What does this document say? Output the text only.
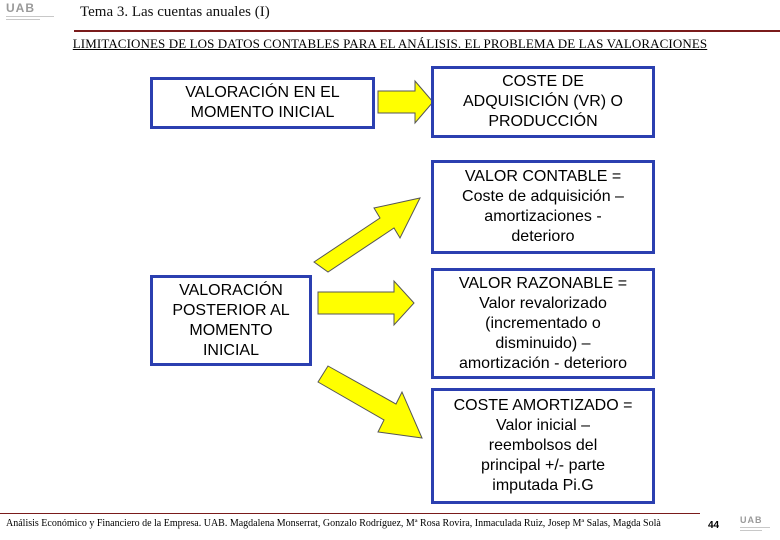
UAB	Tema 3. Las cuentas anuales (I)
LIMITACIONES DE LOS DATOS CONTABLES PARA EL ANÁLISIS. EL PROBLEMA DE LAS VALORACIONES
VALORACIÓN EN EL
MOMENTO INICIAL
COSTE DE
ADQUISICIÓN (VR) O
PRODUCCIÓN
VALOR CONTABLE =
Coste de adquisición –
amortizaciones -
deterioro
VALORACIÓN
POSTERIOR AL
MOMENTO
INICIAL
VALOR RAZONABLE =
Valor revalorizado
(incrementado o
disminuido) –
amortización - deterioro
COSTE AMORTIZADO =
Valor inicial –
reembolsos del
principal +/- parte
imputada Pi.G
Análisis Económico y Financiero de la Empresa. UAB. Magdalena Monserrat, Gonzalo Rodríguez, Mª Rosa Rovira, Inmaculada Ruiz, Josep Mª Salas, Magda Solà	44 UAB
